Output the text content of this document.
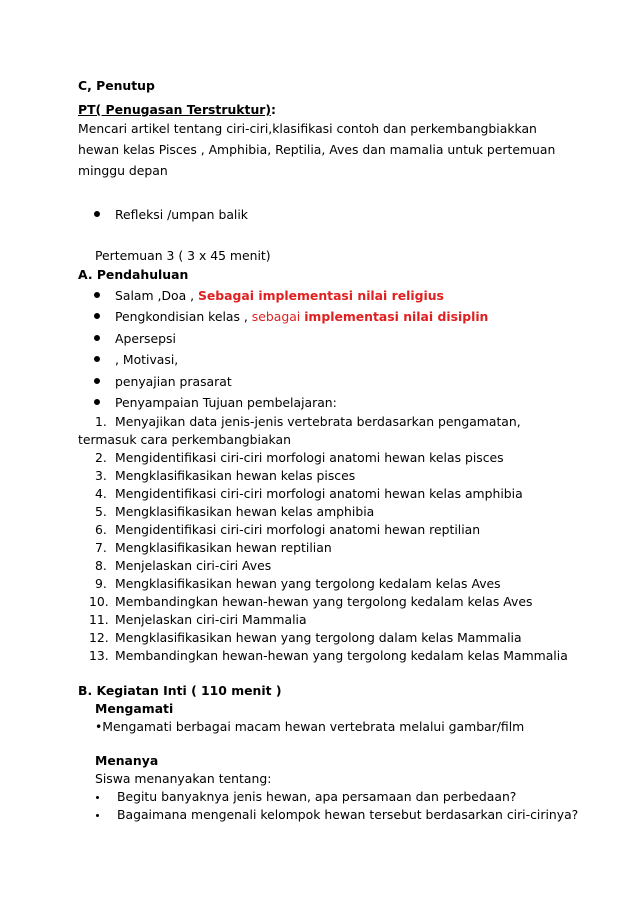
C, Penutup
PT( Penugasan Terstruktur):
Mencari artikel tentang ciri-ciri,klasifikasi contoh dan perkembangbiakkan
hewan kelas Pisces , Amphibia, Reptilia, Aves dan mamalia untuk pertemuan
minggu depan
Refleksi /umpan balik
Pertemuan 3 ( 3 x 45 menit)
A. Pendahuluan
Salam ,Doa , Sebagai implementasi nilai religius
Pengkondisian kelas , sebagai implementasi nilai disiplin
Apersepsi
, Motivasi,
penyajian prasarat
Penyampaian Tujuan pembelajaran:
1. Menyajikan data jenis-jenis vertebrata berdasarkan pengamatan,
termasuk cara perkembangbiakan
2. Mengidentifikasi ciri-ciri morfologi anatomi hewan kelas pisces
3. Mengklasifikasikan hewan kelas pisces
4. Mengidentifikasi ciri-ciri morfologi anatomi hewan kelas amphibia
5. Mengklasifikasikan hewan kelas amphibia
6. Mengidentifikasi ciri-ciri morfologi anatomi hewan reptilian
7. Mengklasifikasikan hewan reptilian
8. Menjelaskan ciri-ciri Aves
9. Mengklasifikasikan hewan yang tergolong kedalam kelas Aves
10. Membandingkan hewan-hewan yang tergolong kedalam kelas Aves
11. Menjelaskan ciri-ciri Mammalia
12. Mengklasifikasikan hewan yang tergolong dalam kelas Mammalia
13. Membandingkan hewan-hewan yang tergolong kedalam kelas Mammalia
B. Kegiatan Inti ( 110 menit )
Mengamati
•Mengamati berbagai macam hewan vertebrata melalui gambar/film
Menanya
Siswa menanyakan tentang:
Begitu banyaknya jenis hewan, apa persamaan dan perbedaan?
Bagaimana mengenali kelompok hewan tersebut berdasarkan ciri-cirinya?
